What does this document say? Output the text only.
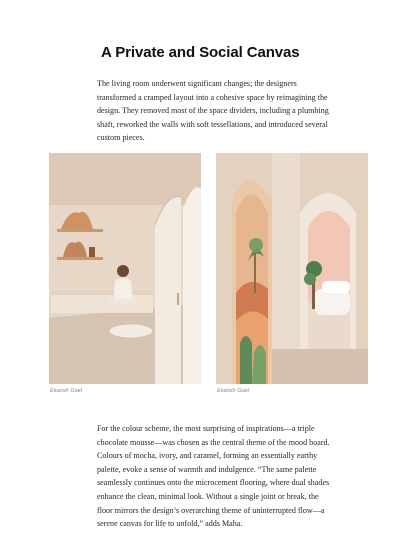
A Private and Social Canvas

The living room underwent significant changes; the designers transformed a cramped layout into a cohesive space by reimagining the design. They removed most of the space dividers, including a plumbing shaft, reworked the walls with soft tessellations, and introduced several custom pieces.

Ekansh Goel	Ekansh Goel

For the colour scheme, the most surprising of inspirations—a triple chocolate mousse—was chosen as the central theme of the mood board. Colours of mocha, ivory, and caramel, forming an essentially earthy palette, evoke a sense of warmth and indulgence. “The same palette seamlessly continues onto the microcement flooring, where dual shades enhance the clean, minimal look. Without a single joint or break, the floor mirrors the design’s overarching theme of uninterrupted flow—a serene canvas for life to unfold,” adds Maha.
